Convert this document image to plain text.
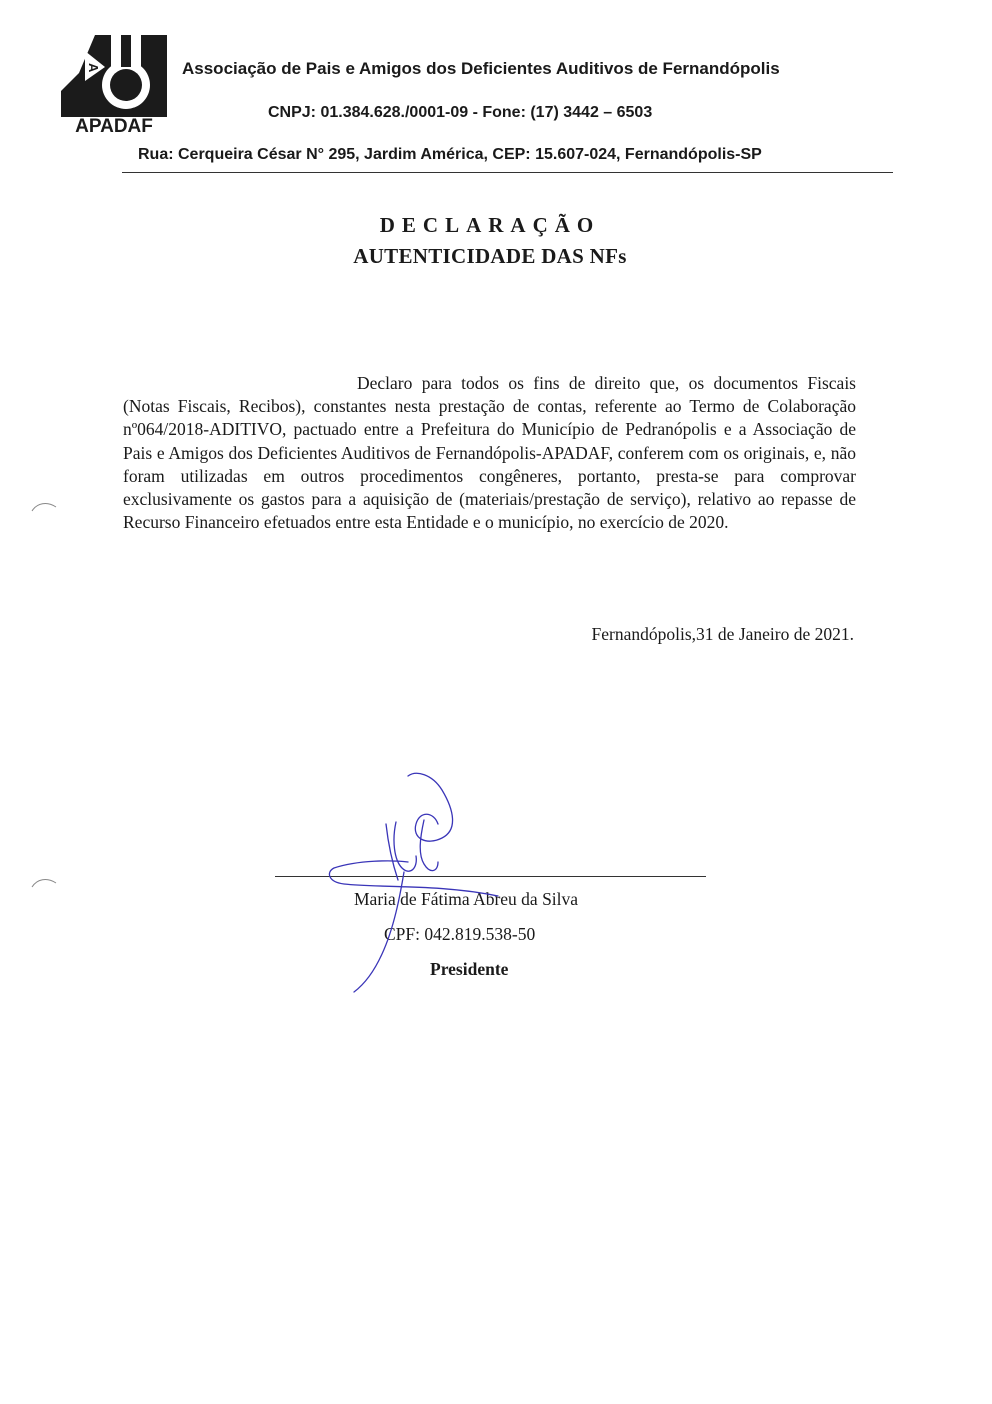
A
APADAF
Associação de Pais e Amigos dos Deficientes Auditivos de Fernandópolis
CNPJ: 01.384.628./0001-09 - Fone: (17) 3442 – 6503
Rua: Cerqueira César N° 295, Jardim América, CEP: 15.607-024, Fernandópolis-SP
DECLARAÇÃO
AUTENTICIDADE DAS NFs

Declaro para todos os fins de direito que, os documentos Fiscais (Notas Fiscais, Recibos), constantes nesta prestação de contas, referente ao Termo de Colaboração nº064/2018-ADITIVO, pactuado entre a Prefeitura do Município de Pedranópolis e a Associação de Pais e Amigos dos Deficientes Auditivos de Fernandópolis-APADAF, conferem com os originais, e, não foram utilizadas em outros procedimentos congêneres, portanto, presta-se para comprovar exclusivamente os gastos para a aquisição de (materiais/prestação de serviço), relativo ao repasse de Recurso Financeiro efetuados entre esta Entidade e o município, no exercício de 2020.

Fernandópolis,31 de Janeiro de 2021.
Maria de Fátima Abreu da Silva
CPF: 042.819.538-50
Presidente
